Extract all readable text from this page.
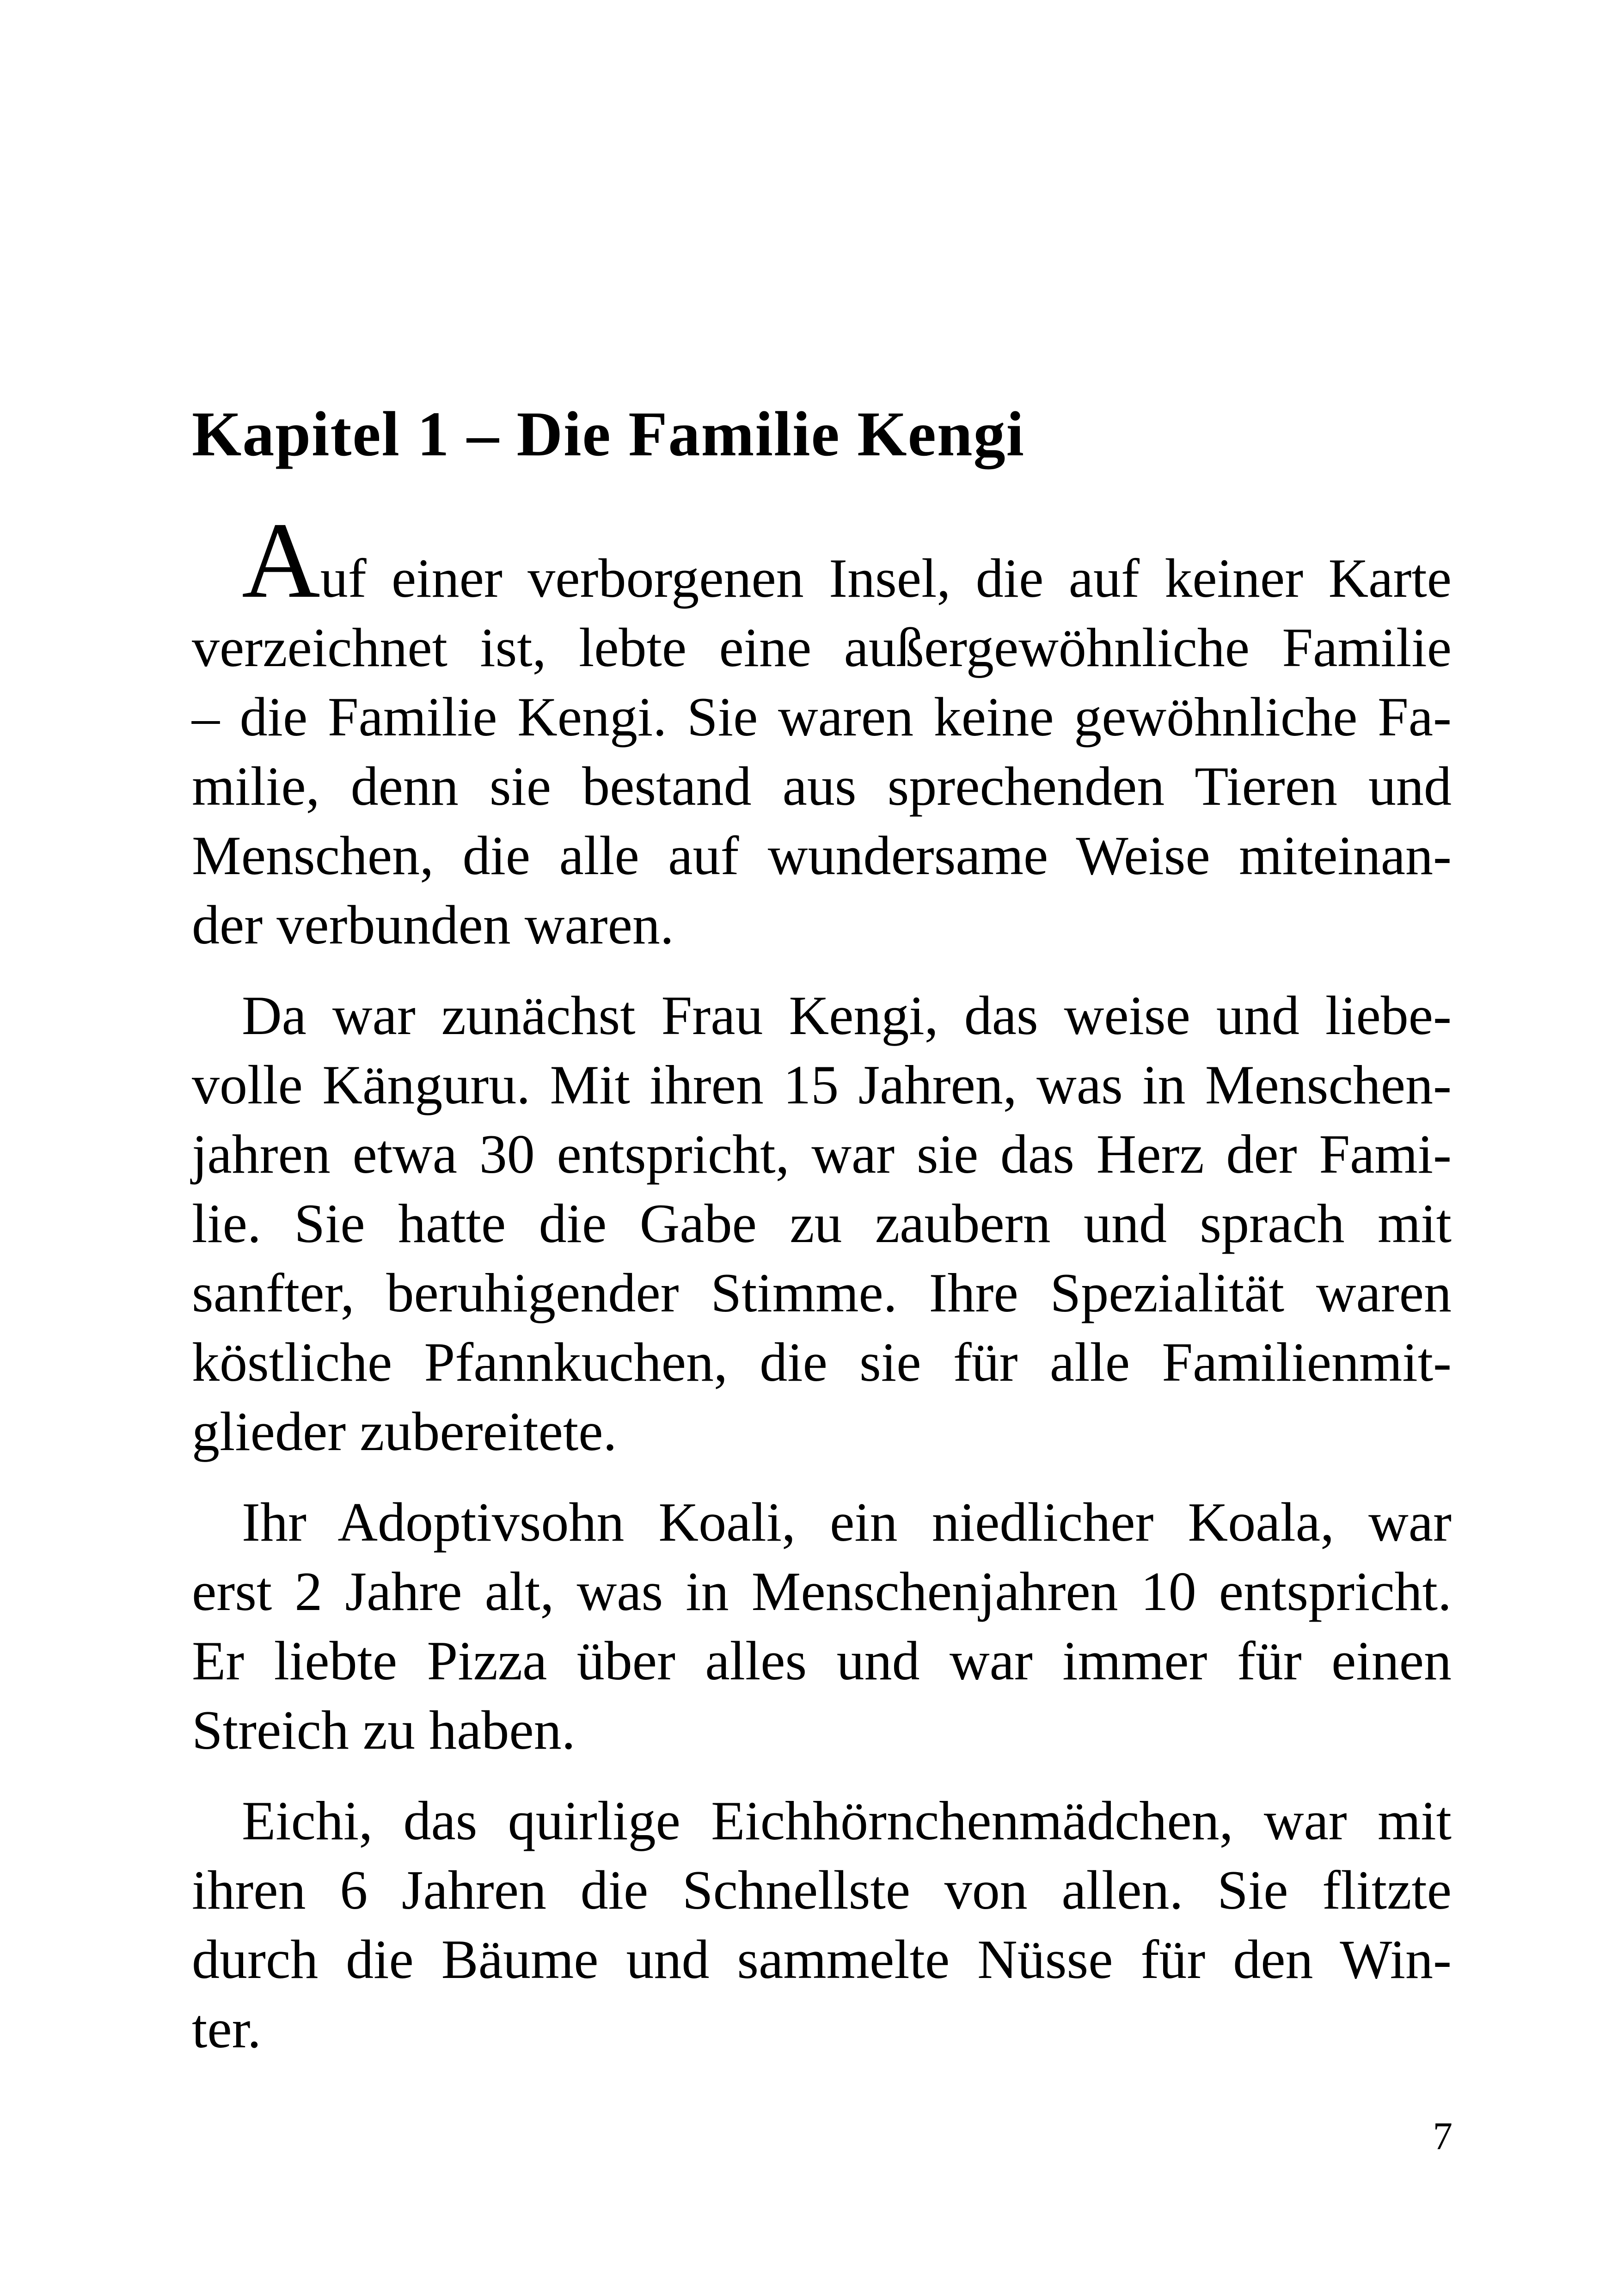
Kapitel 1 – Die Familie Kengi

Auf einer verborgenen Insel, die auf keiner Karte
verzeichnet ist, lebte eine außergewöhnliche Familie
– die Familie Kengi. Sie waren keine gewöhnliche Fa-
milie, denn sie bestand aus sprechenden Tieren und
Menschen, die alle auf wundersame Weise miteinan-
der verbunden waren.

Da war zunächst Frau Kengi, das weise und liebe-
volle Känguru. Mit ihren 15 Jahren, was in Menschen-
jahren etwa 30 entspricht, war sie das Herz der Fami-
lie. Sie hatte die Gabe zu zaubern und sprach mit
sanfter, beruhigender Stimme. Ihre Spezialität waren
köstliche Pfannkuchen, die sie für alle Familienmit-
glieder zubereitete.

Ihr Adoptivsohn Koali, ein niedlicher Koala, war
erst 2 Jahre alt, was in Menschenjahren 10 entspricht.
Er liebte Pizza über alles und war immer für einen
Streich zu haben.

Eichi, das quirlige Eichhörnchenmädchen, war mit
ihren 6 Jahren die Schnellste von allen. Sie flitzte
durch die Bäume und sammelte Nüsse für den Win-
ter.

7
